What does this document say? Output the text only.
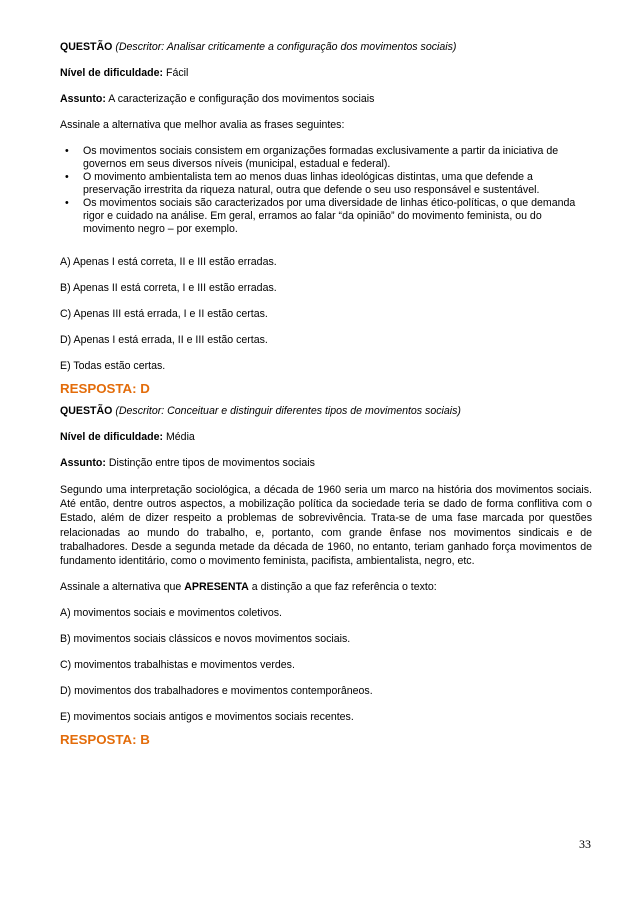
QUESTÃO (Descritor: Analisar criticamente a configuração dos movimentos sociais)

Nível de dificuldade: Fácil

Assunto: A caracterização e configuração dos movimentos sociais

Assinale a alternativa que melhor avalia as frases seguintes:

• Os movimentos sociais consistem em organizações formadas exclusivamente a partir da iniciativa de
governos em seus diversos níveis (municipal, estadual e federal).
• O movimento ambientalista tem ao menos duas linhas ideológicas distintas, uma que defende a
preservação irrestrita da riqueza natural, outra que defende o seu uso responsável e sustentável.
• Os movimentos sociais são caracterizados por uma diversidade de linhas ético-políticas, o que demanda
rigor e cuidado na análise. Em geral, erramos ao falar “da opinião” do movimento feminista, ou do
movimento negro – por exemplo.

A) Apenas I está correta, II e III estão erradas.

B) Apenas II está correta, I e III estão erradas.

C) Apenas III está errada, I e II estão certas.

D) Apenas I está errada, II e III estão certas.

E) Todas estão certas.

RESPOSTA: D

QUESTÃO (Descritor: Conceituar e distinguir diferentes tipos de movimentos sociais)

Nível de dificuldade: Média

Assunto: Distinção entre tipos de movimentos sociais

Segundo uma interpretação sociológica, a década de 1960 seria um marco na história dos movimentos sociais. Até então, dentre outros aspectos, a mobilização política da sociedade teria se dado de forma conflitiva com o Estado, além de dizer respeito a problemas de sobrevivência. Trata-se de uma fase marcada por questões relacionadas ao mundo do trabalho, e, portanto, com grande ênfase nos movimentos sindicais e de trabalhadores. Desde a segunda metade da década de 1960, no entanto, teriam ganhado força movimentos de fundamento identitário, como o movimento feminista, pacifista, ambientalista, negro, etc.

Assinale a alternativa que APRESENTA a distinção a que faz referência o texto:

A) movimentos sociais e movimentos coletivos.

B) movimentos sociais clássicos e novos movimentos sociais.

C) movimentos trabalhistas e movimentos verdes.

D) movimentos dos trabalhadores e movimentos contemporâneos.

E) movimentos sociais antigos e movimentos sociais recentes.

RESPOSTA: B

33
